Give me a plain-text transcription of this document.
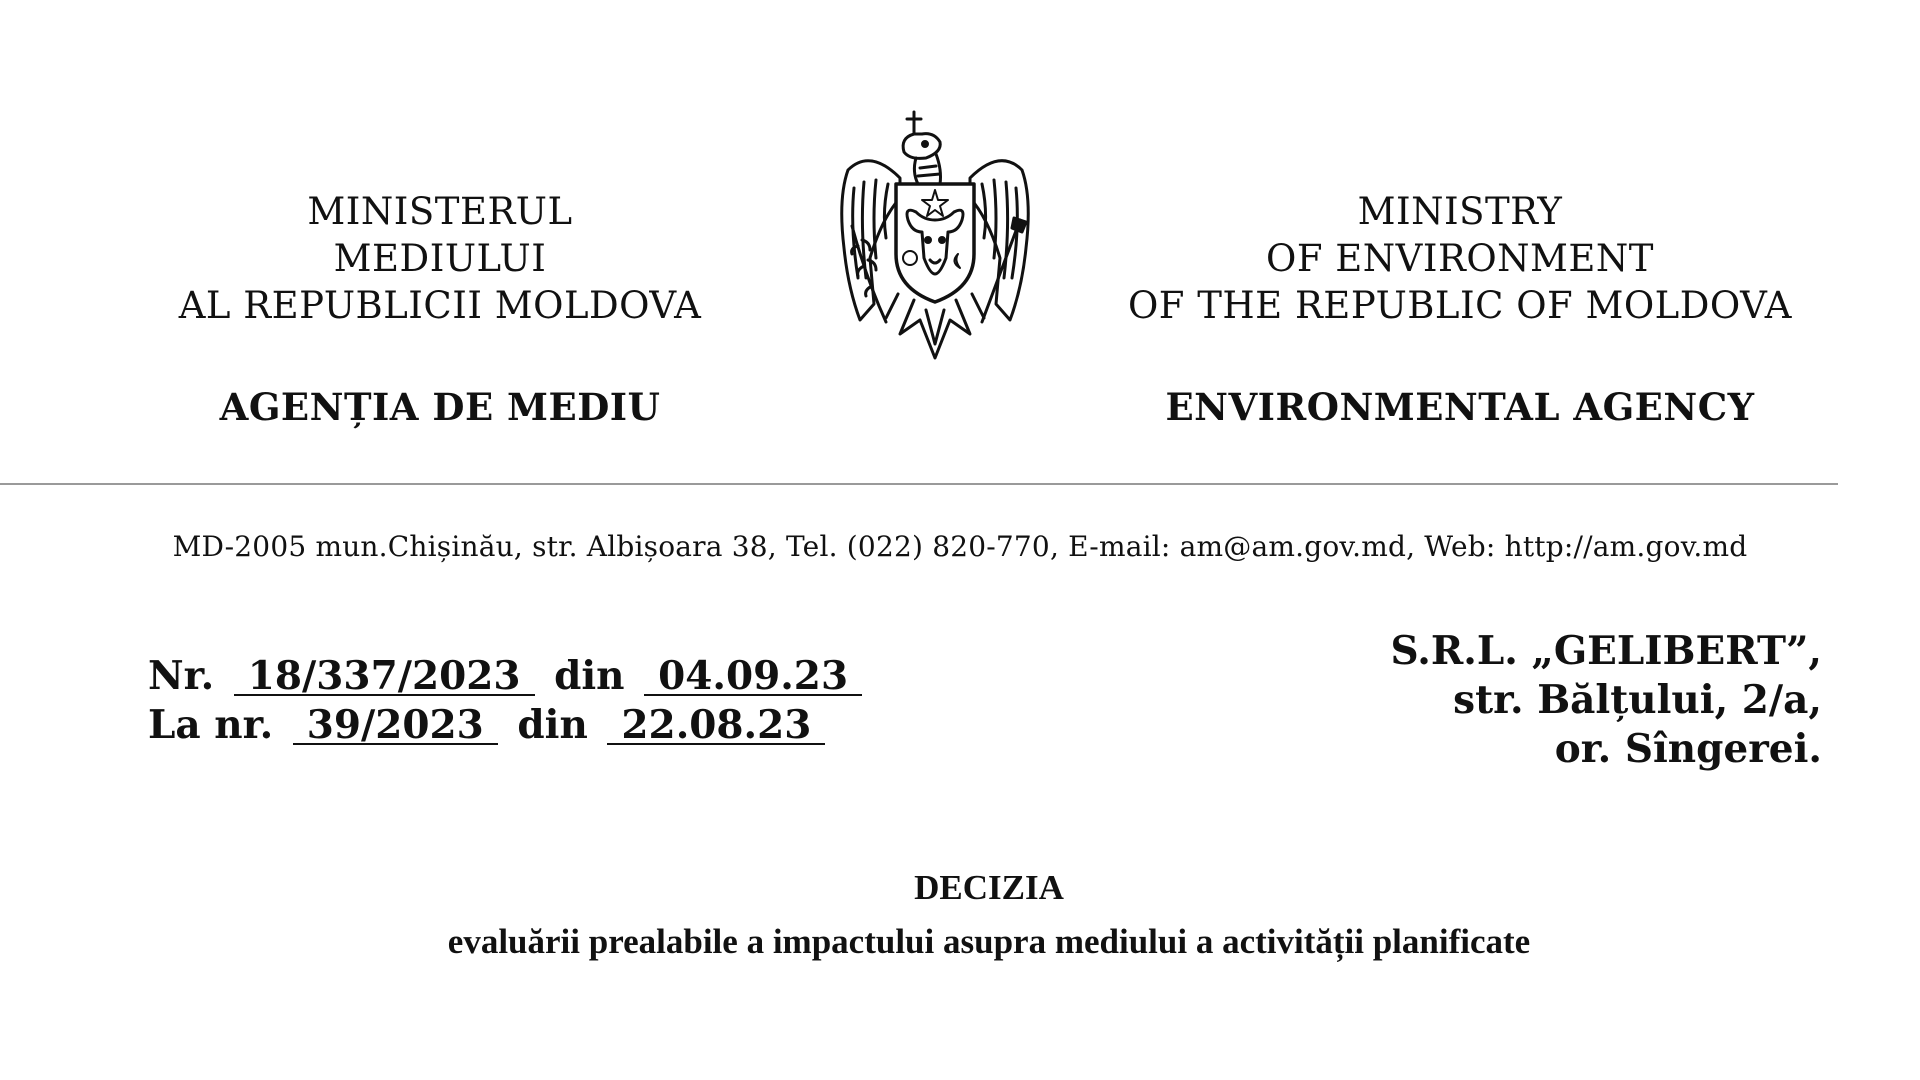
MINISTERUL
MEDIULUI
AL REPUBLICII MOLDOVA
AGENȚIA DE MEDIU
MINISTRY
OF ENVIRONMENT
OF THE REPUBLIC OF MOLDOVA
ENVIRONMENTAL AGENCY
MD-2005 mun.Chișinău, str. Albișoara 38, Tel. (022) 820-770, E-mail: am@am.gov.md, Web: http://am.gov.md
Nr. 18/337/2023 din 04.09.23
La nr. 39/2023 din 22.08.23
S.R.L. „GELIBERT”,
str. Bălțului, 2/a,
or. Sîngerei.
DECIZIA
evaluării prealabile a impactului asupra mediului a activității planificate
